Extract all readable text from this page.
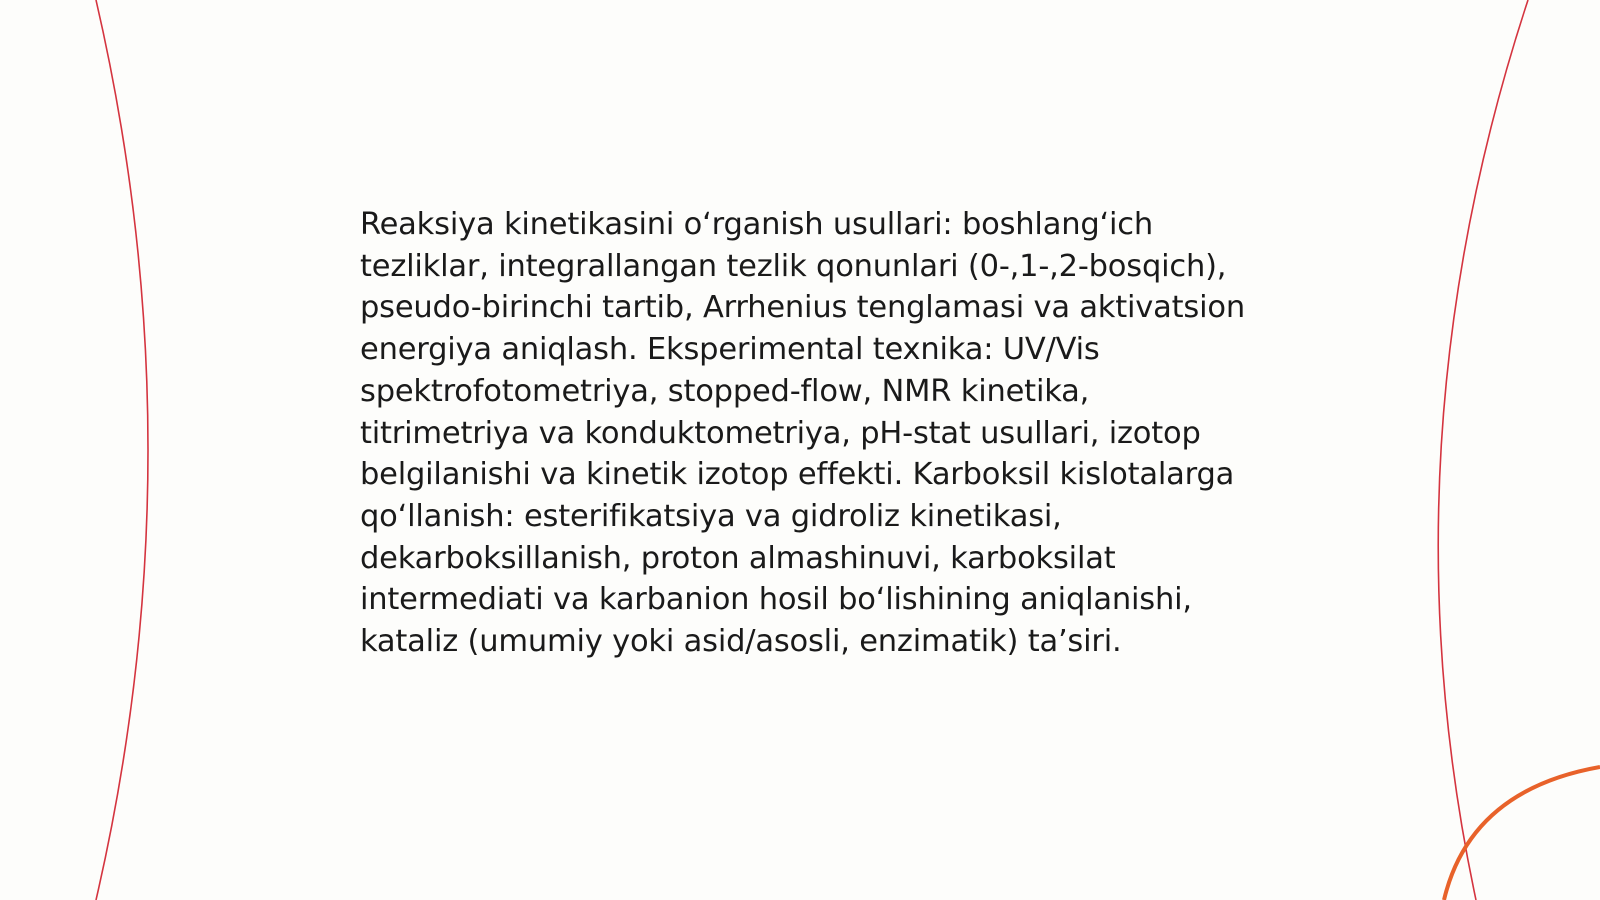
Reaksiya kinetikasini o‘rganish usullari: boshlang‘ich tezliklar, integrallangan tezlik qonunlari (0-,1-,2-bosqich), pseudo-birinchi tartib, Arrhenius tenglamasi va aktivatsion energiya aniqlash. Eksperimental texnika: UV/Vis spektrofotometriya, stopped-flow, NMR kinetika, titrimetriya va konduktometriya, pH-stat usullari, izotop belgilanishi va kinetik izotop effekti. Karboksil kislotalarga qo‘llanish: esterifikatsiya va gidroliz kinetikasi, dekarboksillanish, proton almashinuvi, karboksilat intermediati va karbanion hosil bo‘lishining aniqlanishi, kataliz (umumiy yoki asid/asosli, enzimatik) ta’siri.
